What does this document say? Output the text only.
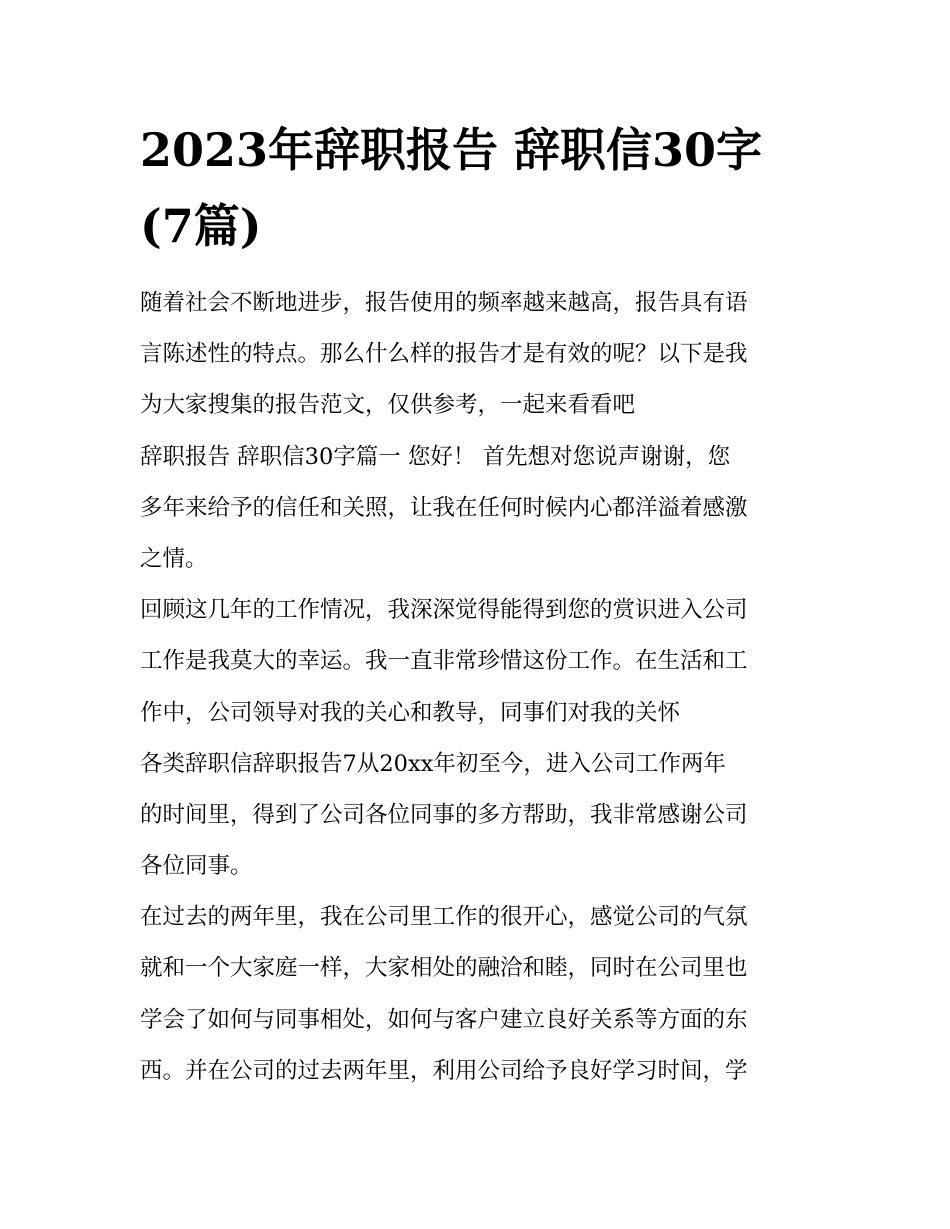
2023年辞职报告 辞职信30字
(7篇)
随着社会不断地进步，报告使用的频率越来越高，报告具有语
言陈述性的特点。那么什么样的报告才是有效的呢？以下是我
为大家搜集的报告范文，仅供参考，一起来看看吧
辞职报告 辞职信30字篇一 您好！ 首先想对您说声谢谢，您
多年来给予的信任和关照，让我在任何时候内心都洋溢着感激
之情。
回顾这几年的工作情况，我深深觉得能得到您的赏识进入公司
工作是我莫大的幸运。我一直非常珍惜这份工作。在生活和工
作中，公司领导对我的关心和教导，同事们对我的关怀
各类辞职信辞职报告7从20xx年初至今，进入公司工作两年
的时间里，得到了公司各位同事的多方帮助，我非常感谢公司
各位同事。
在过去的两年里，我在公司里工作的很开心，感觉公司的气氛
就和一个大家庭一样，大家相处的融洽和睦，同时在公司里也
学会了如何与同事相处，如何与客户建立良好关系等方面的东
西。并在公司的过去两年里，利用公司给予良好学习时间，学
